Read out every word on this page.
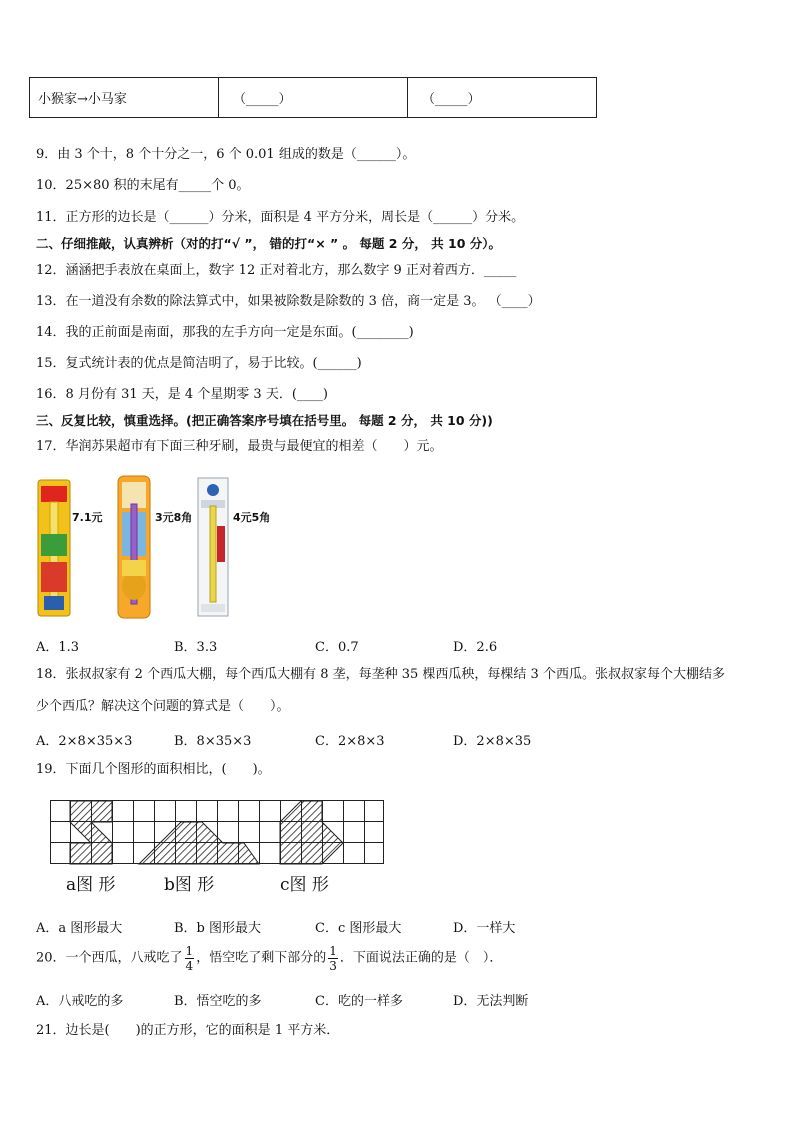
小猴家→小马家	（_____）	（_____）
9．由 3 个十，8 个十分之一，6 个 0.01 组成的数是（______）。
10．25×80 积的末尾有_____个 0。
11．正方形的边长是（______）分米，面积是 4 平方分米，周长是（______）分米。
二、仔细推敲，认真辨析（对的打“√ ”， 错的打“× ” 。 每题 2 分， 共 10 分）。
12．涵涵把手表放在桌面上，数字 12 正对着北方，那么数字 9 正对着西方．_____
13．在一道没有余数的除法算式中，如果被除数是除数的 3 倍，商一定是 3。 （____）
14．我的正前面是南面，那我的左手方向一定是东面。(________)
15．复式统计表的优点是简洁明了，易于比较。(______)
16．8 月份有 31 天，是 4 个星期零 3 天．(____)
三、反复比较，慎重选择。(把正确答案序号填在括号里。 每题 2 分， 共 10 分))
17．华润苏果超市有下面三种牙刷，最贵与最便宜的相差（　　）元。
7.1元	3元8角	4元5角
A．1.3	B．3.3	C．0.7	D．2.6
18．张叔叔家有 2 个西瓜大棚，每个西瓜大棚有 8 垄，每垄种 35 棵西瓜秧，每棵结 3 个西瓜。张叔叔家每个大棚结多
少个西瓜？解决这个问题的算式是（　　）。
A．2×8×35×3	B．8×35×3	C．2×8×3	D．2×8×35
19．下面几个图形的面积相比，(　　)。
a图 形	b图 形	c图 形
A．a 图形最大	B．b 图形最大	C．c 图形最大	D．一样大
20．一个西瓜，八戒吃了 $\frac{1}{4}$ ，悟空吃了剩下部分的 $\frac{1}{3}$ ．下面说法正确的是（　）．
A．八戒吃的多	B．悟空吃的多	C．吃的一样多	D．无法判断
21．边长是(　　)的正方形，它的面积是 1 平方米．
